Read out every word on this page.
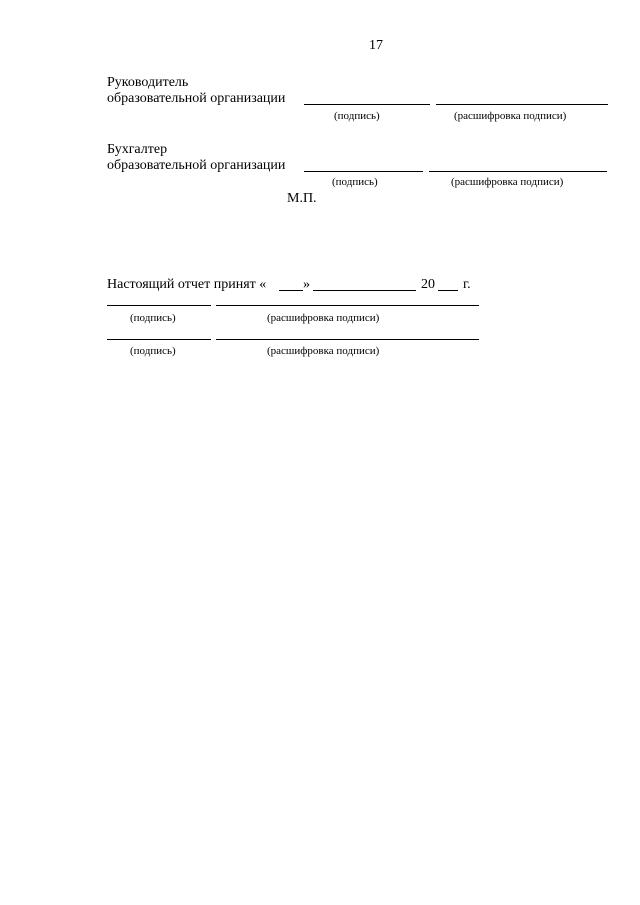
17
Руководитель
образовательной организации
(подпись)	(расшифровка подписи)
Бухгалтер
образовательной организации
(подпись)	(расшифровка подписи)
М.П.
Настоящий отчет принят «	»	20 г.
(подпись)	(расшифровка подписи)
(подпись)	(расшифровка подписи)
